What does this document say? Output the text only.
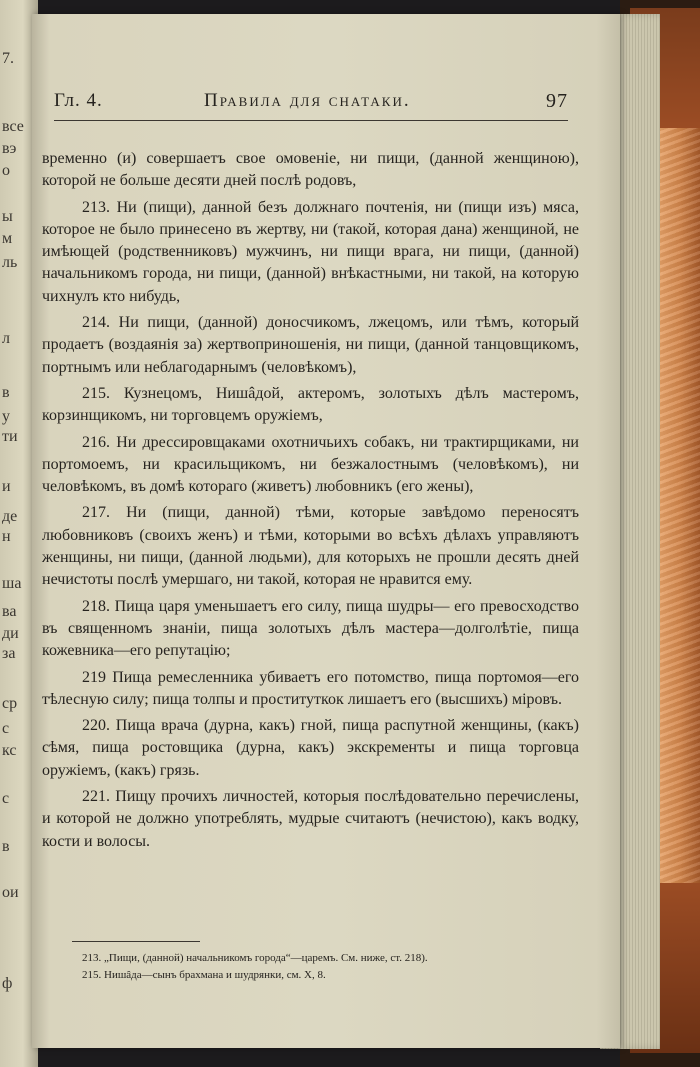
7.
все
вэ
о
ы
м
ль
л
в
у
ти
и
де
н
ша
ва
ди
за
ср
с
кс
с
в
ои
ф
Гл. 4.	Правила для снатаки.	97

временно (и) совершаетъ свое омовеніе, ни пищи, (данной женщиною), которой не больше десяти дней послѣ родовъ,

213. Ни (пищи), данной безъ должнаго почтенія, ни (пищи изъ) мяса, которое не было принесено въ жертву, ни (такой, которая дана) женщиной, не имѣющей (родственниковъ) мужчинъ, ни пищи врага, ни пищи, (данной) начальникомъ города, ни пищи, (данной) внѣкастными, ни такой, на которую чихнулъ кто нибудь,

214. Ни пищи, (данной) доносчикомъ, лжецомъ, или тѣмъ, который продаетъ (воздаянія за) жертвоприношенія, ни пищи, (данной танцовщикомъ, портнымъ или неблагодарнымъ (человѣкомъ),

215. Кузнецомъ, Нишâдой, актеромъ, золотыхъ дѣлъ мастеромъ, корзинщикомъ, ни торговцемъ оружіемъ,

216. Ни дрессировщаками охотничьихъ собакъ, ни трактирщиками, ни портомоемъ, ни красильщикомъ, ни безжалостнымъ (человѣкомъ), ни человѣкомъ, въ домѣ котораго (живетъ) любовникъ (его жены),

217. Ни (пищи, данной) тѣми, которые завѣдомо переносятъ любовниковъ (своихъ женъ) и тѣми, которыми во всѣхъ дѣлахъ управляютъ женщины, ни пищи, (данной людьми), для которыхъ не прошли десять дней нечистоты послѣ умершаго, ни такой, которая не нравится ему.

218. Пища царя уменьшаетъ его силу, пища шудры— его превосходство въ священномъ знаніи, пища золотыхъ дѣлъ мастера—долголѣтіе, пища кожевника—его репутацію;

219 Пища ремесленника убиваетъ его потомство, пища портомоя—его тѣлесную силу; пища толпы и проституткок лишаетъ его (высшихъ) міровъ.

220. Пища врача (дурна, какъ) гной, пища распутной женщины, (какъ) сѣмя, пища ростовщика (дурна, какъ) экскременты и пища торговца оружіемъ, (какъ) грязь.

221. Пищу прочихъ личностей, которыя послѣдовательно перечислены, и которой не должно употреблять, мудрые считаютъ (нечистою), какъ водку, кости и волосы.

213. „Пищи, (данной) начальникомъ города“—царемъ. См. ниже, ст. 218).

215. Нишâда—сынъ брахмана и шудрянки, см. X, 8.
